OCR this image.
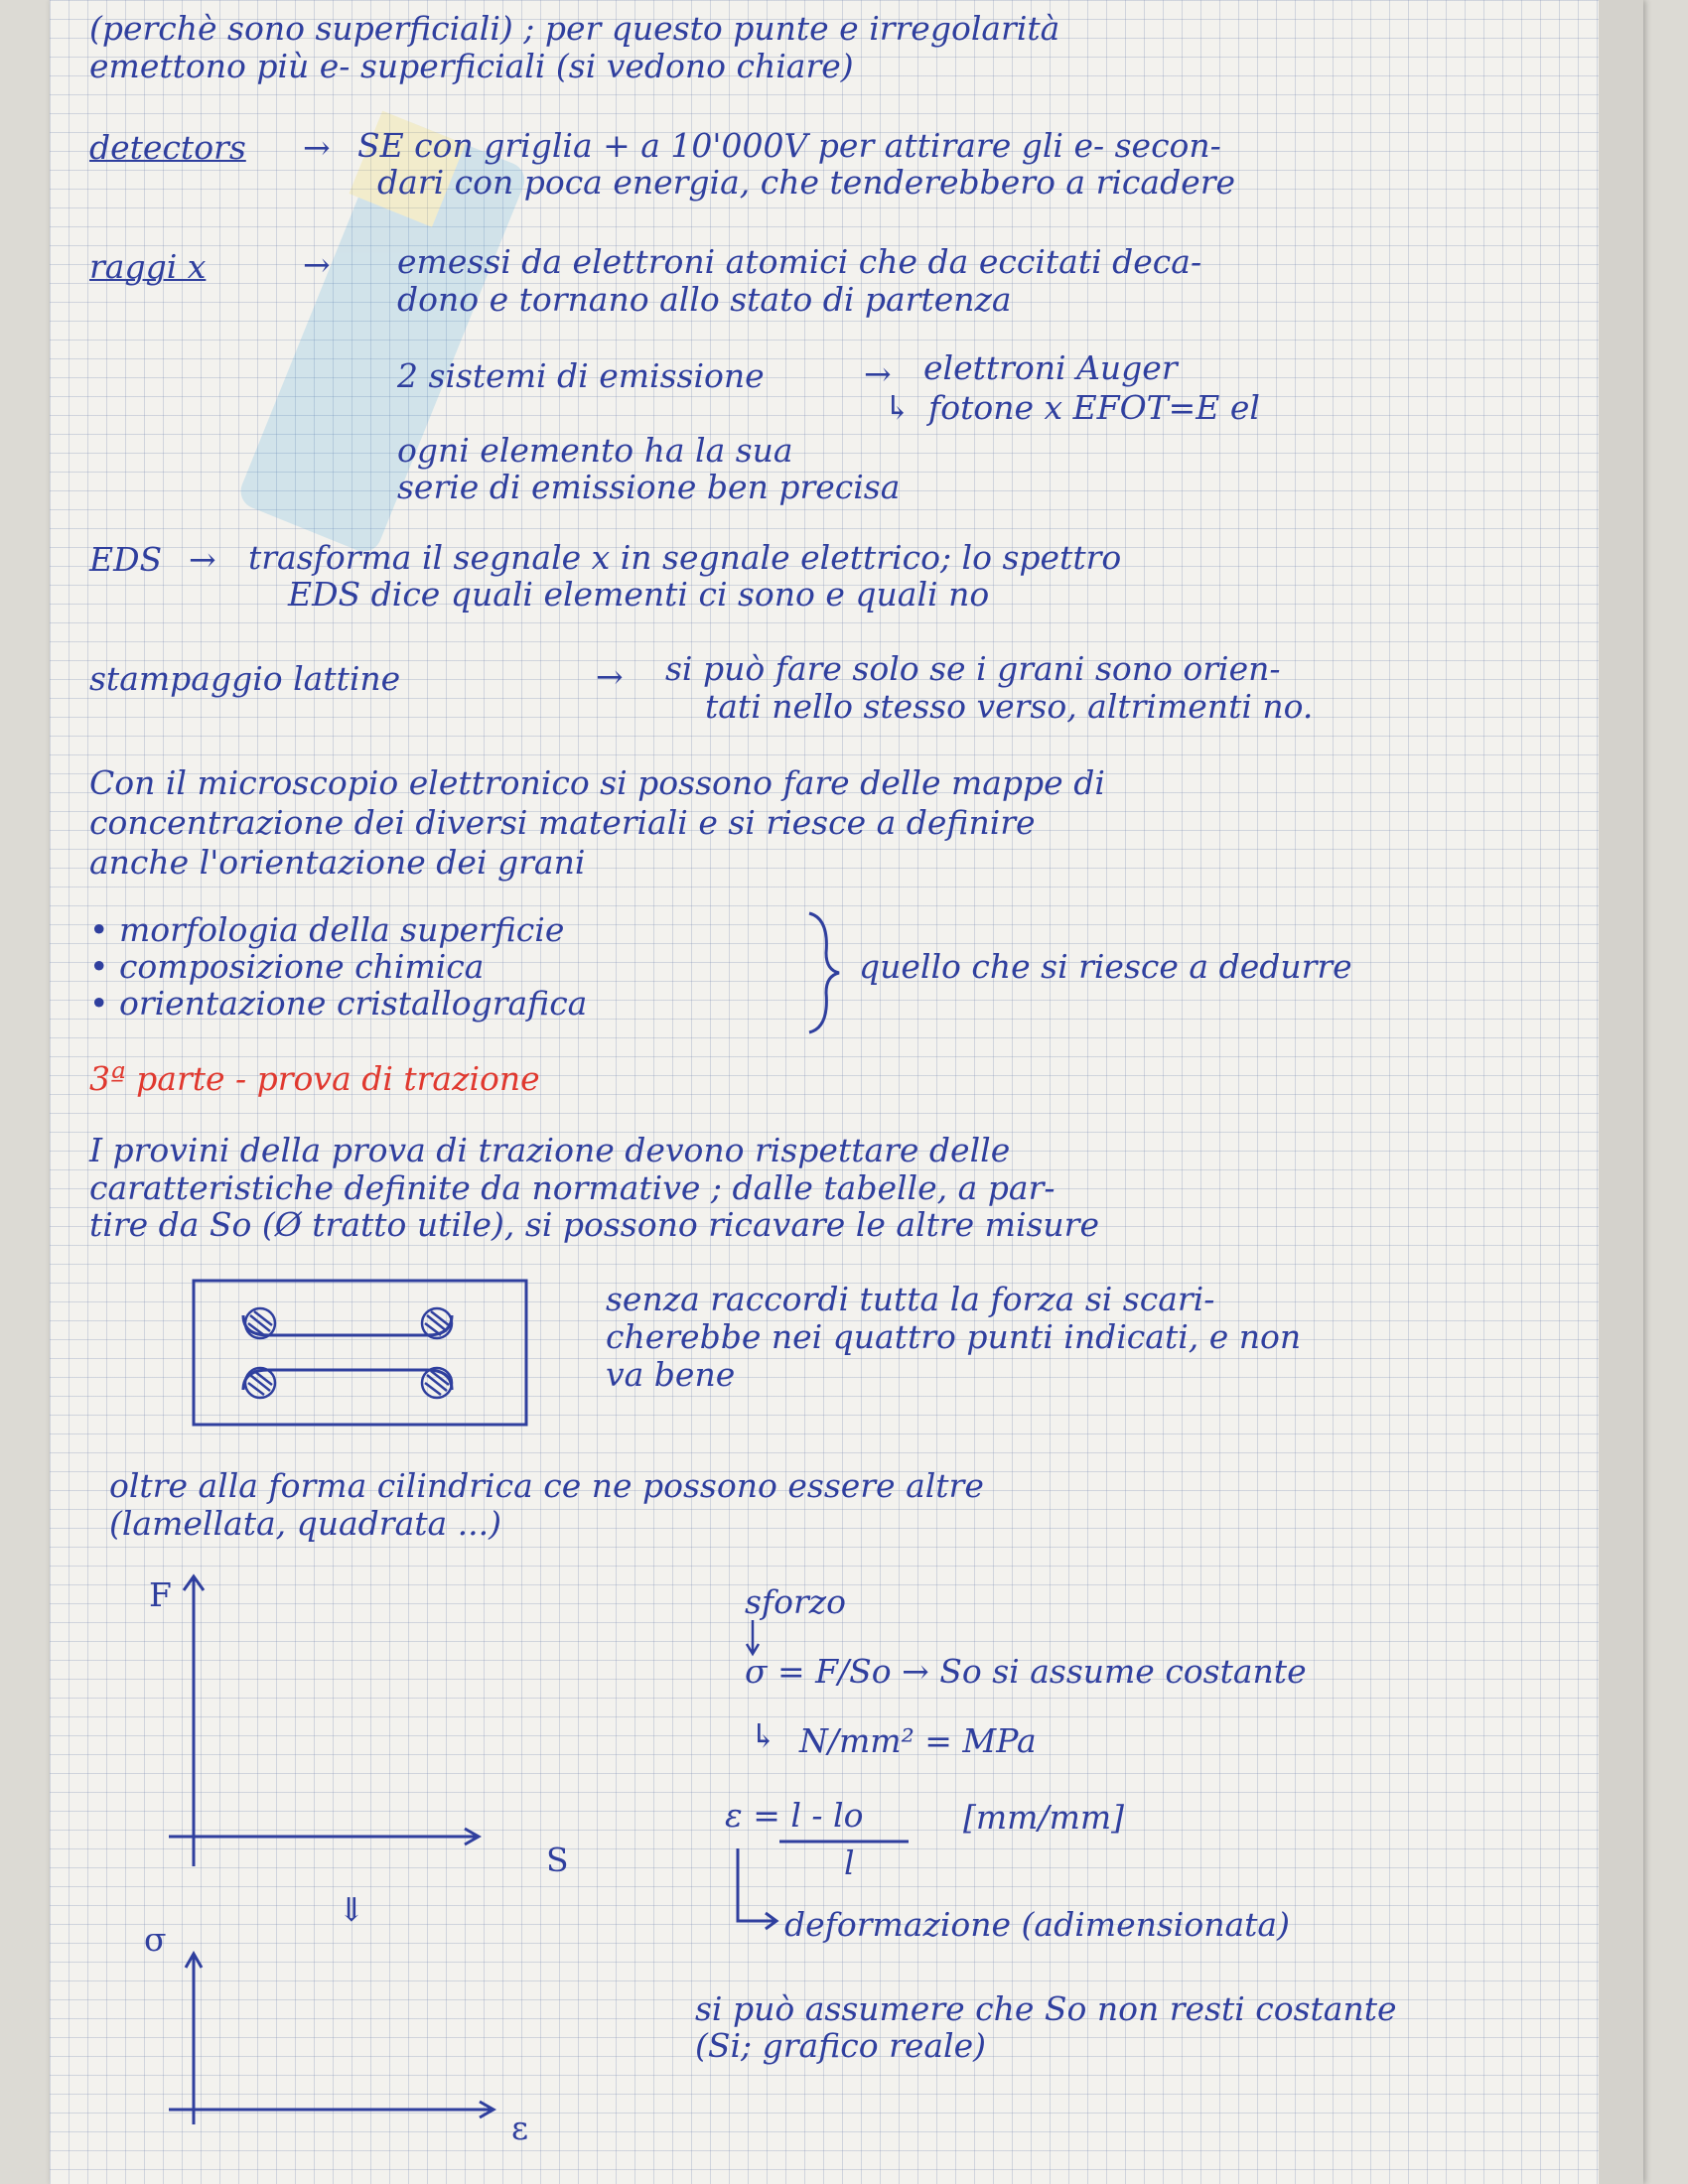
(perchè sono superficiali) ; per questo punte e irregolarità
emettono più e- superficiali (si vedono chiare)
detectors → SE con griglia + a 10'000V per attirare gli e- secon-
dari con poca energia, che tenderebbero a ricadere
raggi x	→ emessi da elettroni atomici che da eccitati deca-
dono e tornano allo stato di partenza
2 sistemi di emissione	→ elettroni Auger
↳ fotone x EFOT=E el
ogni elemento ha la sua
serie di emissione ben precisa
EDS → trasforma il segnale x in segnale elettrico; lo spettro
EDS dice quali elementi ci sono e quali no
stampaggio lattine	→ si può fare solo se i grani sono orien-
tati nello stesso verso, altrimenti no.
Con il microscopio elettronico si possono fare delle mappe di
concentrazione dei diversi materiali e si riesce a definire
anche l'orientazione dei grani
• morfologia della superficie
• composizione chimica
• orientazione cristallografica
quello che si riesce a dedurre
3ª parte - prova di trazione
I provini della prova di trazione devono rispettare delle
caratteristiche definite da normative ; dalle tabelle, a par-
tire da So (Ø tratto utile), si possono ricavare le altre misure
senza raccordi tutta la forza si scari-
cherebbe nei quattro punti indicati, e non
va bene
oltre alla forma cilindrica ce ne possono essere altre
(lamellata, quadrata ...)
F
S
⇓
σ
ε
sforzo
σ = F/So → So si assume costante
↳ N/mm² = MPa
ε = l - lo
l
[mm/mm]
deformazione (adimensionata)
si può assumere che So non resti costante
(Si; grafico reale)
